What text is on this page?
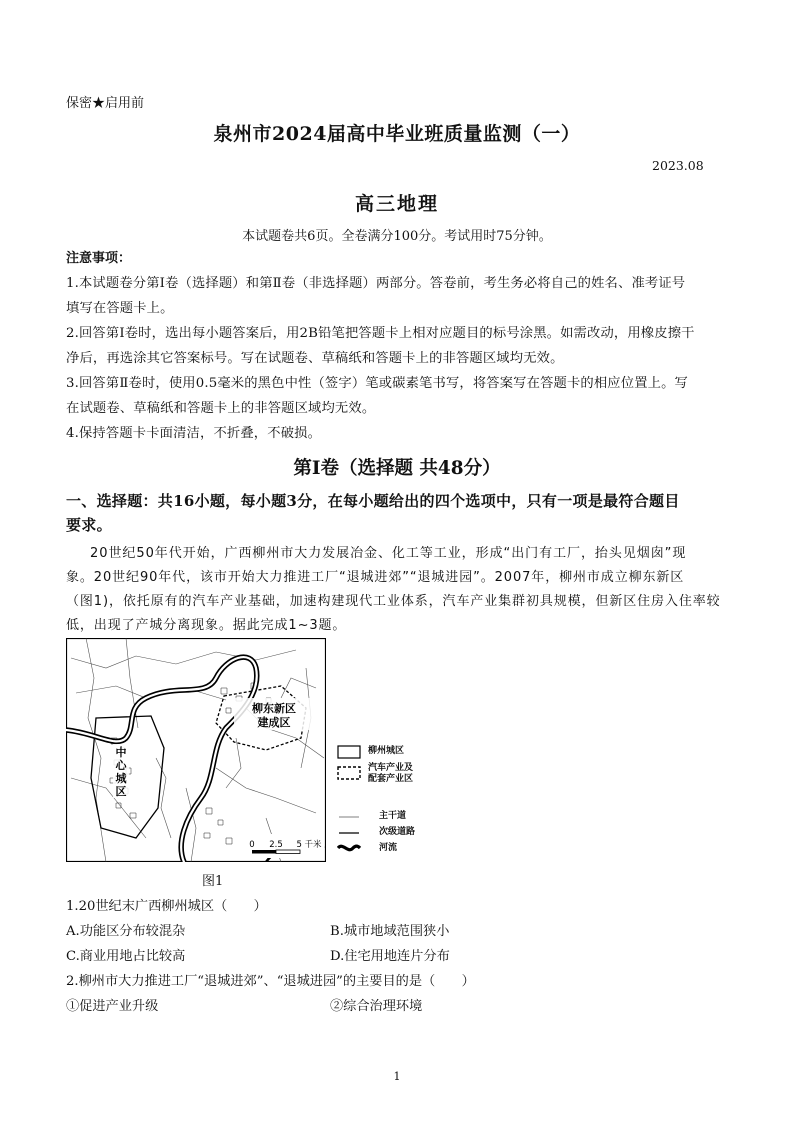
保密★启用前
泉州市2024届高中毕业班质量监测（一）
2023.08
高三地理
本试题卷共6页。全卷满分100分。考试用时75分钟。
注意事项：
1.本试题卷分第Ⅰ卷（选择题）和第Ⅱ卷（非选择题）两部分。答卷前，考生务必将自己的姓名、准考证号
填写在答题卡上。
2.回答第Ⅰ卷时，选出每小题答案后，用2B铅笔把答题卡上相对应题目的标号涂黑。如需改动，用橡皮擦干
净后，再选涂其它答案标号。写在试题卷、草稿纸和答题卡上的非答题区域均无效。
3.回答第Ⅱ卷时，使用0.5毫米的黑色中性（签字）笔或碳素笔书写，将答案写在答题卡的相应位置上。写
在试题卷、草稿纸和答题卡上的非答题区域均无效。
4.保持答题卡卡面清洁，不折叠，不破损。
第Ⅰ卷（选择题 共48分）
一、选择题：共16小题，每小题3分，在每小题给出的四个选项中，只有一项是最符合题目
要求。
20世纪50年代开始，广西柳州市大力发展冶金、化工等工业，形成“出门有工厂，抬头见烟囱”现
象。20世纪90年代，该市开始大力推进工厂“退城进郊”“退城进园”。2007年，柳州市成立柳东新区
（图1)，依托原有的汽车产业基础，加速构建现代工业体系，汽车产业集群初具规模，但新区住房入住率较
低，出现了产城分离现象。据此完成1~3题。
柳东新区
建成区
中
心
城
区
0 2.5 5 千米
柳州城区
汽车产业及
配套产业区
主干道
次级道路
河流
图1
1.20世纪末广西柳州城区（　　）
A.功能区分布较混杂	B.城市地域范围狭小
C.商业用地占比较高	D.住宅用地连片分布
2.柳州市大力推进工厂“退城进郊”、“退城进园”的主要目的是（　　）
①促进产业升级	②综合治理环境
1
